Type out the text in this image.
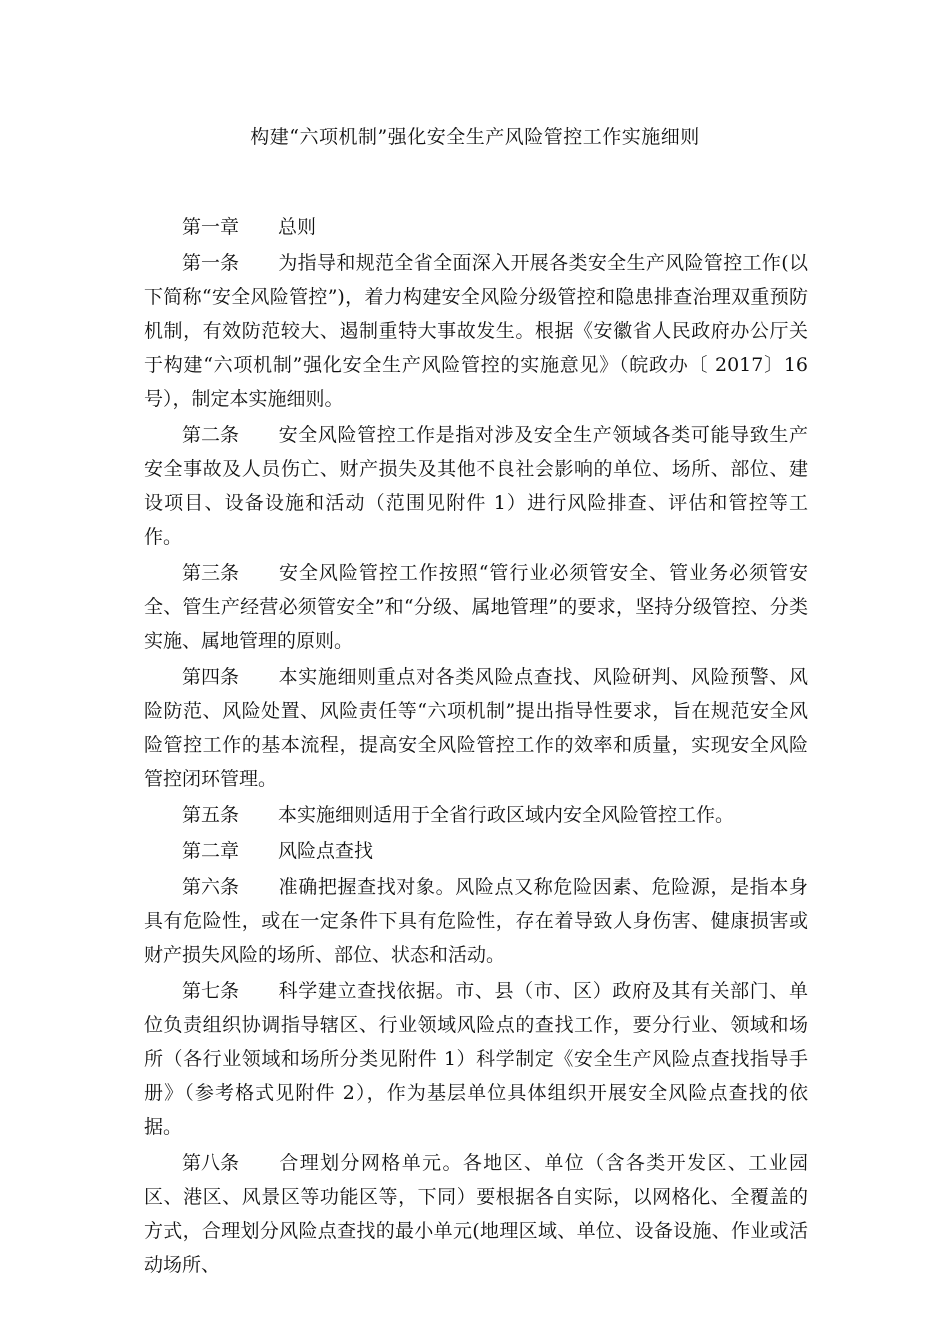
构建“六项机制”强化安全生产风险管控工作实施细则

第一章 总则

第一条 为指导和规范全省全面深入开展各类安全生产风险管控工作(以下简称“安全风险管控”)，着力构建安全风险分级管控和隐患排查治理双重预防机制，有效防范较大、遏制重特大事故发生。根据《安徽省人民政府办公厅关于构建“六项机制”强化安全生产风险管控的实施意见》（皖政办〔 2017〕16号），制定本实施细则。

第二条 安全风险管控工作是指对涉及安全生产领域各类可能导致生产安全事故及人员伤亡、财产损失及其他不良社会影响的单位、场所、部位、建设项目、设备设施和活动（范围见附件 1）进行风险排查、评估和管控等工作。

第三条 安全风险管控工作按照“管行业必须管安全、管业务必须管安全、管生产经营必须管安全”和“分级、属地管理”的要求，坚持分级管控、分类实施、属地管理的原则。

第四条 本实施细则重点对各类风险点查找、风险研判、风险预警、风险防范、风险处置、风险责任等“六项机制”提出指导性要求，旨在规范安全风险管控工作的基本流程，提高安全风险管控工作的效率和质量，实现安全风险管控闭环管理。

第五条 本实施细则适用于全省行政区域内安全风险管控工作。

第二章 风险点查找

第六条 准确把握查找对象。风险点又称危险因素、危险源，是指本身具有危险性，或在一定条件下具有危险性，存在着导致人身伤害、健康损害或财产损失风险的场所、部位、状态和活动。

第七条 科学建立查找依据。市、县（市、区）政府及其有关部门、单位负责组织协调指导辖区、行业领域风险点的查找工作，要分行业、领域和场所（各行业领域和场所分类见附件 1）科学制定《安全生产风险点查找指导手册》（参考格式见附件 2），作为基层单位具体组织开展安全风险点查找的依据。

第八条 合理划分网格单元。各地区、单位（含各类开发区、工业园区、港区、风景区等功能区等，下同）要根据各自实际，以网格化、全覆盖的方式，合理划分风险点查找的最小单元(地理区域、单位、设备设施、作业或活动场所、
